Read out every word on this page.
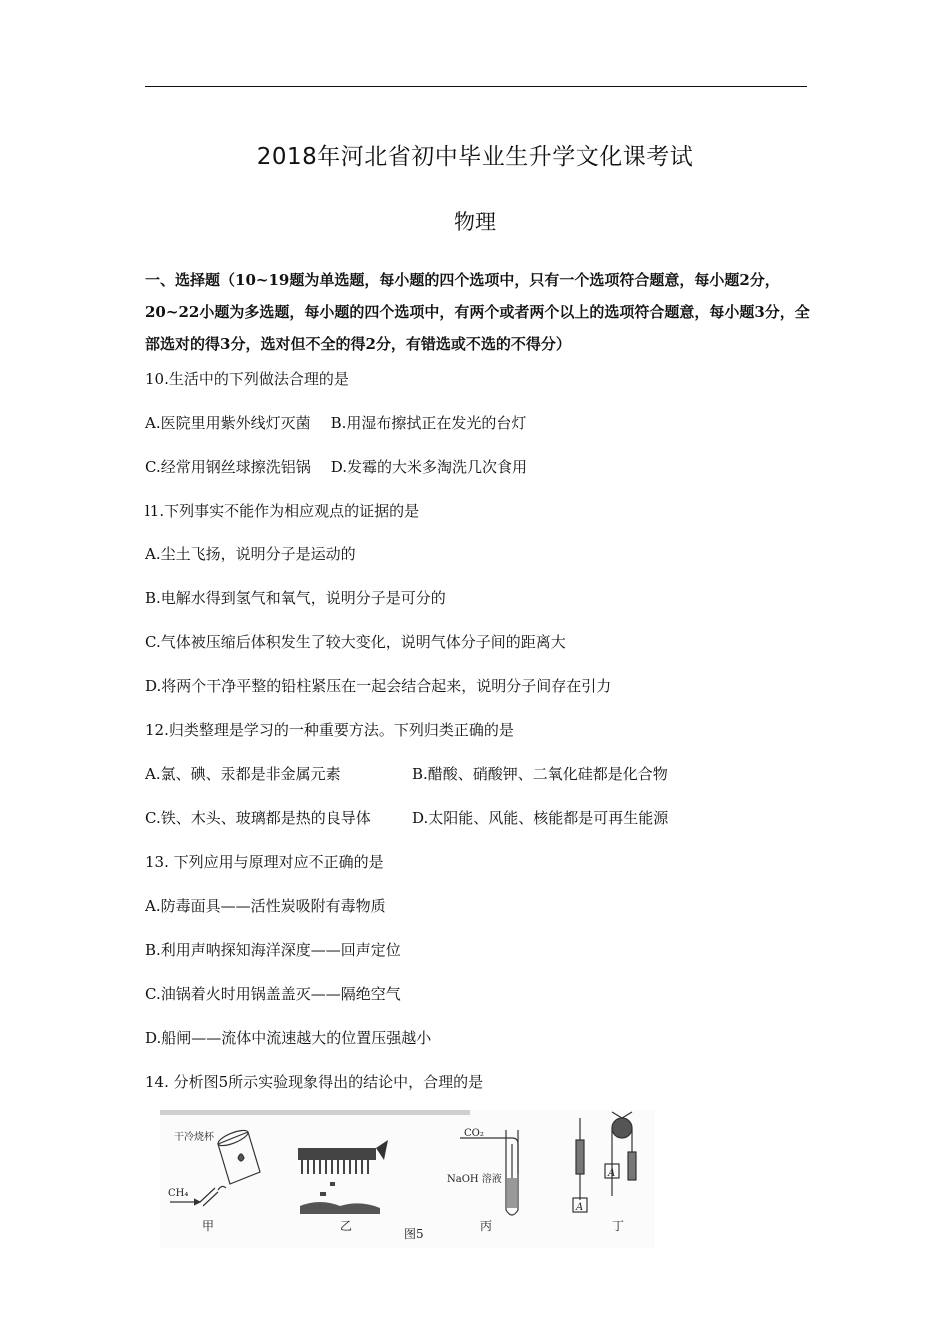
2018年河北省初中毕业生升学文化课考试
物理
一、选择题（10~19题为单选题，每小题的四个选项中，只有一个选项符合题意，每小题2分，20~22小题为多选题，每小题的四个选项中，有两个或者两个以上的选项符合题意，每小题3分，全部选对的得3分，选对但不全的得2分，有错选或不选的不得分）
10.生活中的下列做法合理的是
A.医院里用紫外线灯灭菌 B.用湿布擦拭正在发光的台灯
C.经常用钢丝球擦洗铝锅 D.发霉的大米多淘洗几次食用
l1.下列事实不能作为相应观点的证据的是
A.尘土飞扬，说明分子是运动的
B.电解水得到氢气和氧气，说明分子是可分的
C.气体被压缩后体积发生了较大变化，说明气体分子间的距离大
D.将两个干净平整的铅柱紧压在一起会结合起来，说明分子间存在引力
12.归类整理是学习的一种重要方法。下列归类正确的是
A.氯、碘、汞都是非金属元素	B.醋酸、硝酸钾、二氧化硅都是化合物
C.铁、木头、玻璃都是热的良导体	D.太阳能、风能、核能都是可再生能源
13. 下列应用与原理对应不正确的是
A.防毒面具——活性炭吸附有毒物质
B.利用声呐探知海洋深度——回声定位
C.油锅着火时用锅盖盖灭——隔绝空气
D.船闸——流体中流速越大的位置压强越小
14. 分析图5所示实验现象得出的结论中，合理的是
干冷烧杯
CH₄
甲	乙
CO₂
NaOH 溶液
丙
A
A
丁
图5
